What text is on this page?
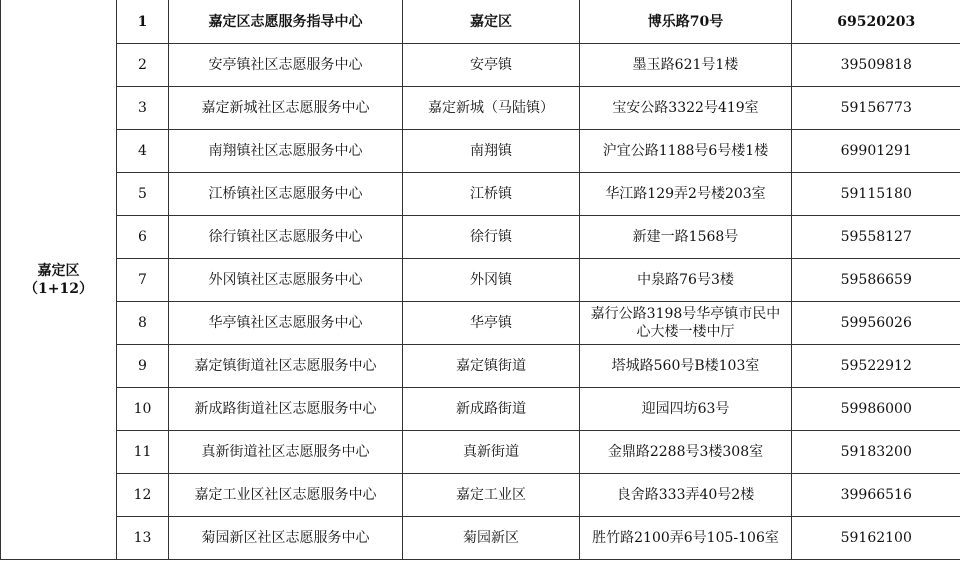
嘉定区
（1+12）	1	嘉定区志愿服务指导中心	嘉定区	博乐路70号	69520203
	2	安亭镇社区志愿服务中心	安亭镇	墨玉路621号1楼	39509818
	3	嘉定新城社区志愿服务中心	嘉定新城（马陆镇）	宝安公路3322号419室	59156773
	4	南翔镇社区志愿服务中心	南翔镇	沪宜公路1188号6号楼1楼	69901291
	5	江桥镇社区志愿服务中心	江桥镇	华江路129弄2号楼203室	59115180
	6	徐行镇社区志愿服务中心	徐行镇	新建一路1568号	59558127
	7	外冈镇社区志愿服务中心	外冈镇	中泉路76号3楼	59586659
	8	华亭镇社区志愿服务中心	华亭镇	嘉行公路3198号华亭镇市民中心大楼一楼中厅	59956026
	9	嘉定镇街道社区志愿服务中心	嘉定镇街道	塔城路560号B楼103室	59522912
	10	新成路街道社区志愿服务中心	新成路街道	迎园四坊63号	59986000
	11	真新街道社区志愿服务中心	真新街道	金鼎路2288号3楼308室	59183200
	12	嘉定工业区社区志愿服务中心	嘉定工业区	良舍路333弄40号2楼	39966516
	13	菊园新区社区志愿服务中心	菊园新区	胜竹路2100弄6号105-106室	59162100
